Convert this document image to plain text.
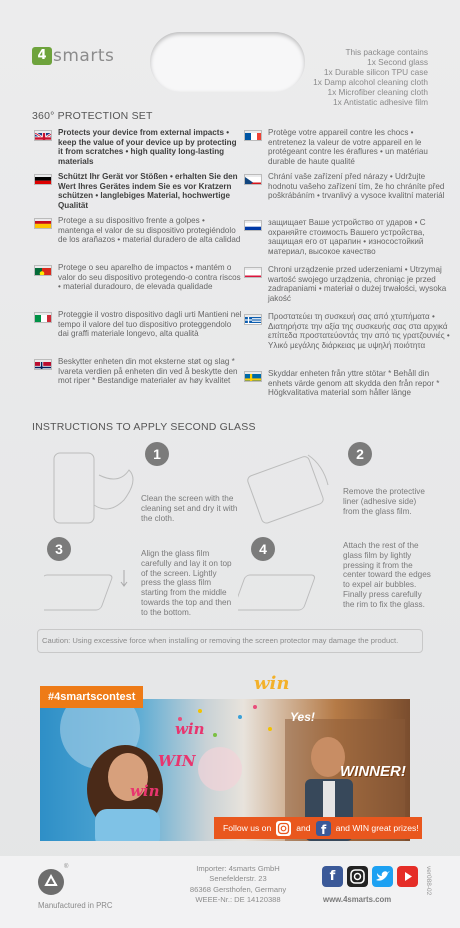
4 smarts	This package contains
1x Second glass
1x Durable silicon TPU case
1x Damp alcohol cleaning cloth
1x Microfiber cleaning cloth
1x Antistatic adhesive film
360° PROTECTION SET
Protects your device from external impacts • keep the value of your device up by protecting it from scratches • high quality long-lasting materials
Schützt Ihr Gerät vor Stößen • erhalten Sie den Wert Ihres Gerätes indem Sie es vor Kratzern schützen • langlebiges Material, hochwertige Qualität
Protege a su dispositivo frente a golpes • mantenga el valor de su dispositivo protegiéndolo de los arañazos • material duradero de alta calidad
Protege o seu aparelho de impactos • mantém o valor do seu dispositivo protegendo-o contra riscos • material duradouro, de elevada qualidade
Proteggie il vostro dispositivo dagli urti Mantieni nel tempo il valore del tuo dispositivo proteggendolo dai graffi materiale longevo, alta qualità
Beskytter enheten din mot eksterne støt og slag * Ivareta verdien på enheten din ved å beskytte den mot riper * Bestandige materialer av høy kvalitet
Protège votre appareil contre les chocs • entretenez la valeur de votre appareil en le protégeant contre les éraflures • un matériau durable de haute qualité
Chrání vaše zařízení před nárazy • Udržujte hodnotu vašeho zařízení tím, že ho chráníte před poškrábáním • trvanlivý a vysoce kvalitní materiál
защищает Ваше устройство от ударов • С охраняйте стоимость Вашего устройства, защищая его от царапин • износостойкий материал, высокое качество
Chroni urządzenie przed uderzeniami • Utrzymaj wartość swojego urządzenia, chroniąc je przed zadrapaniami • materiał o dużej trwałości, wysoka jakość
Προστατεύει τη συσκευή σας από χτυπήματα • Διατηρήστε την αξία της συσκευής σας στα αρχικά επίπεδα προστατεύοντάς την από τις γρατζουνιές • Υλικό μεγάλης διάρκειας με υψηλή ποιότητα
Skyddar enheten från yttre stötar * Behåll din enhets värde genom att skydda den från repor * Högkvalitativa material som håller länge
INSTRUCTIONS TO APPLY SECOND GLASS
1
Clean the screen with the cleaning set and dry it with the cloth.
2
Remove the protective liner (adhesive side) from the glass film.
3	Align the glass film carefully and lay it on top of the screen. Lightly press the glass film starting from the middle towards the top and then to the bottom.
4	Attach the rest of the glass film by lightly pressing it from the center toward the edges to expel air bubbles. Finally press carefully the rim to fix the glass.
Caution: Using excessive force when installing or removing the screen protector may damage the product.
win
#4smartscontest
win
WIN
win
Yes!
WINNER!
Follow us on	and f and WIN great prizes!
®
Manufactured in PRC
Importer: 4smarts GmbH
Senefelderstr. 23
86368 Gersthofen, Germany
WEEE-Nr.: DE 14120388
f
www.4smarts.com
ver088-02
